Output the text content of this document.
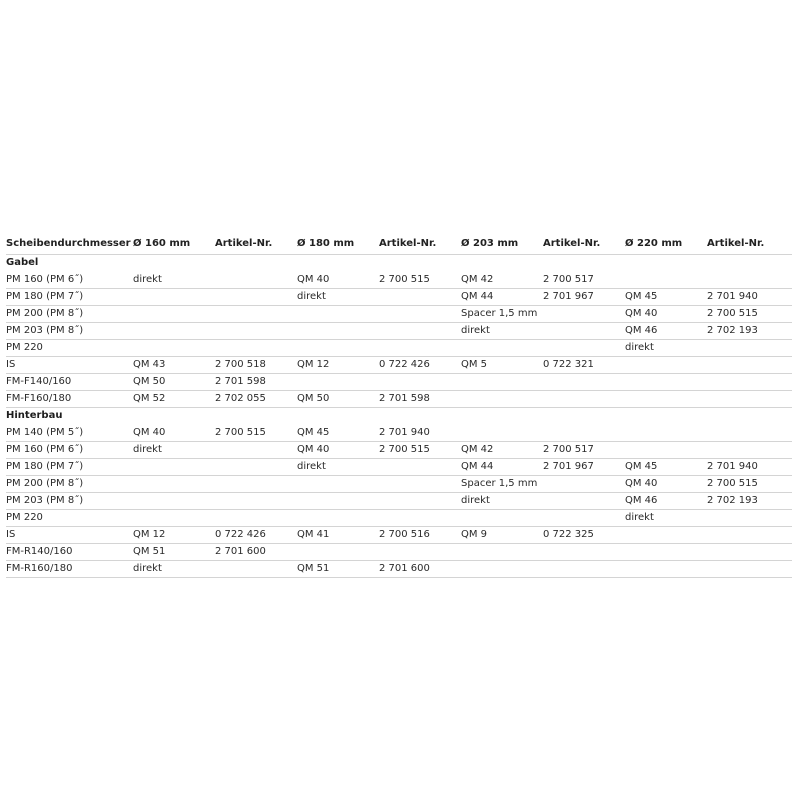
Scheibendurchmesser	Ø 160 mm	Artikel-Nr.	Ø 180 mm	Artikel-Nr.	Ø 203 mm	Artikel-Nr.	Ø 220 mm	Artikel-Nr.
Gabel								
PM 160 (PM 6˝)	direkt		QM 40	2 700 515	QM 42	2 700 517		
PM 180 (PM 7˝)			direkt		QM 44	2 701 967	QM 45	2 701 940
PM 200 (PM 8˝)					Spacer 1,5 mm		QM 40	2 700 515
PM 203 (PM 8˝)					direkt		QM 46	2 702 193
PM 220							direkt	
IS	QM 43	2 700 518	QM 12	0 722 426	QM 5	0 722 321		
FM-F140/160	QM 50	2 701 598						
FM-F160/180	QM 52	2 702 055	QM 50	2 701 598				
Hinterbau								
PM 140 (PM 5˝)	QM 40	2 700 515	QM 45	2 701 940				
PM 160 (PM 6˝)	direkt		QM 40	2 700 515	QM 42	2 700 517		
PM 180 (PM 7˝)			direkt		QM 44	2 701 967	QM 45	2 701 940
PM 200 (PM 8˝)					Spacer 1,5 mm		QM 40	2 700 515
PM 203 (PM 8˝)					direkt		QM 46	2 702 193
PM 220							direkt	
IS	QM 12	0 722 426	QM 41	2 700 516	QM 9	0 722 325		
FM-R140/160	QM 51	2 701 600						
FM-R160/180	direkt		QM 51	2 701 600				
